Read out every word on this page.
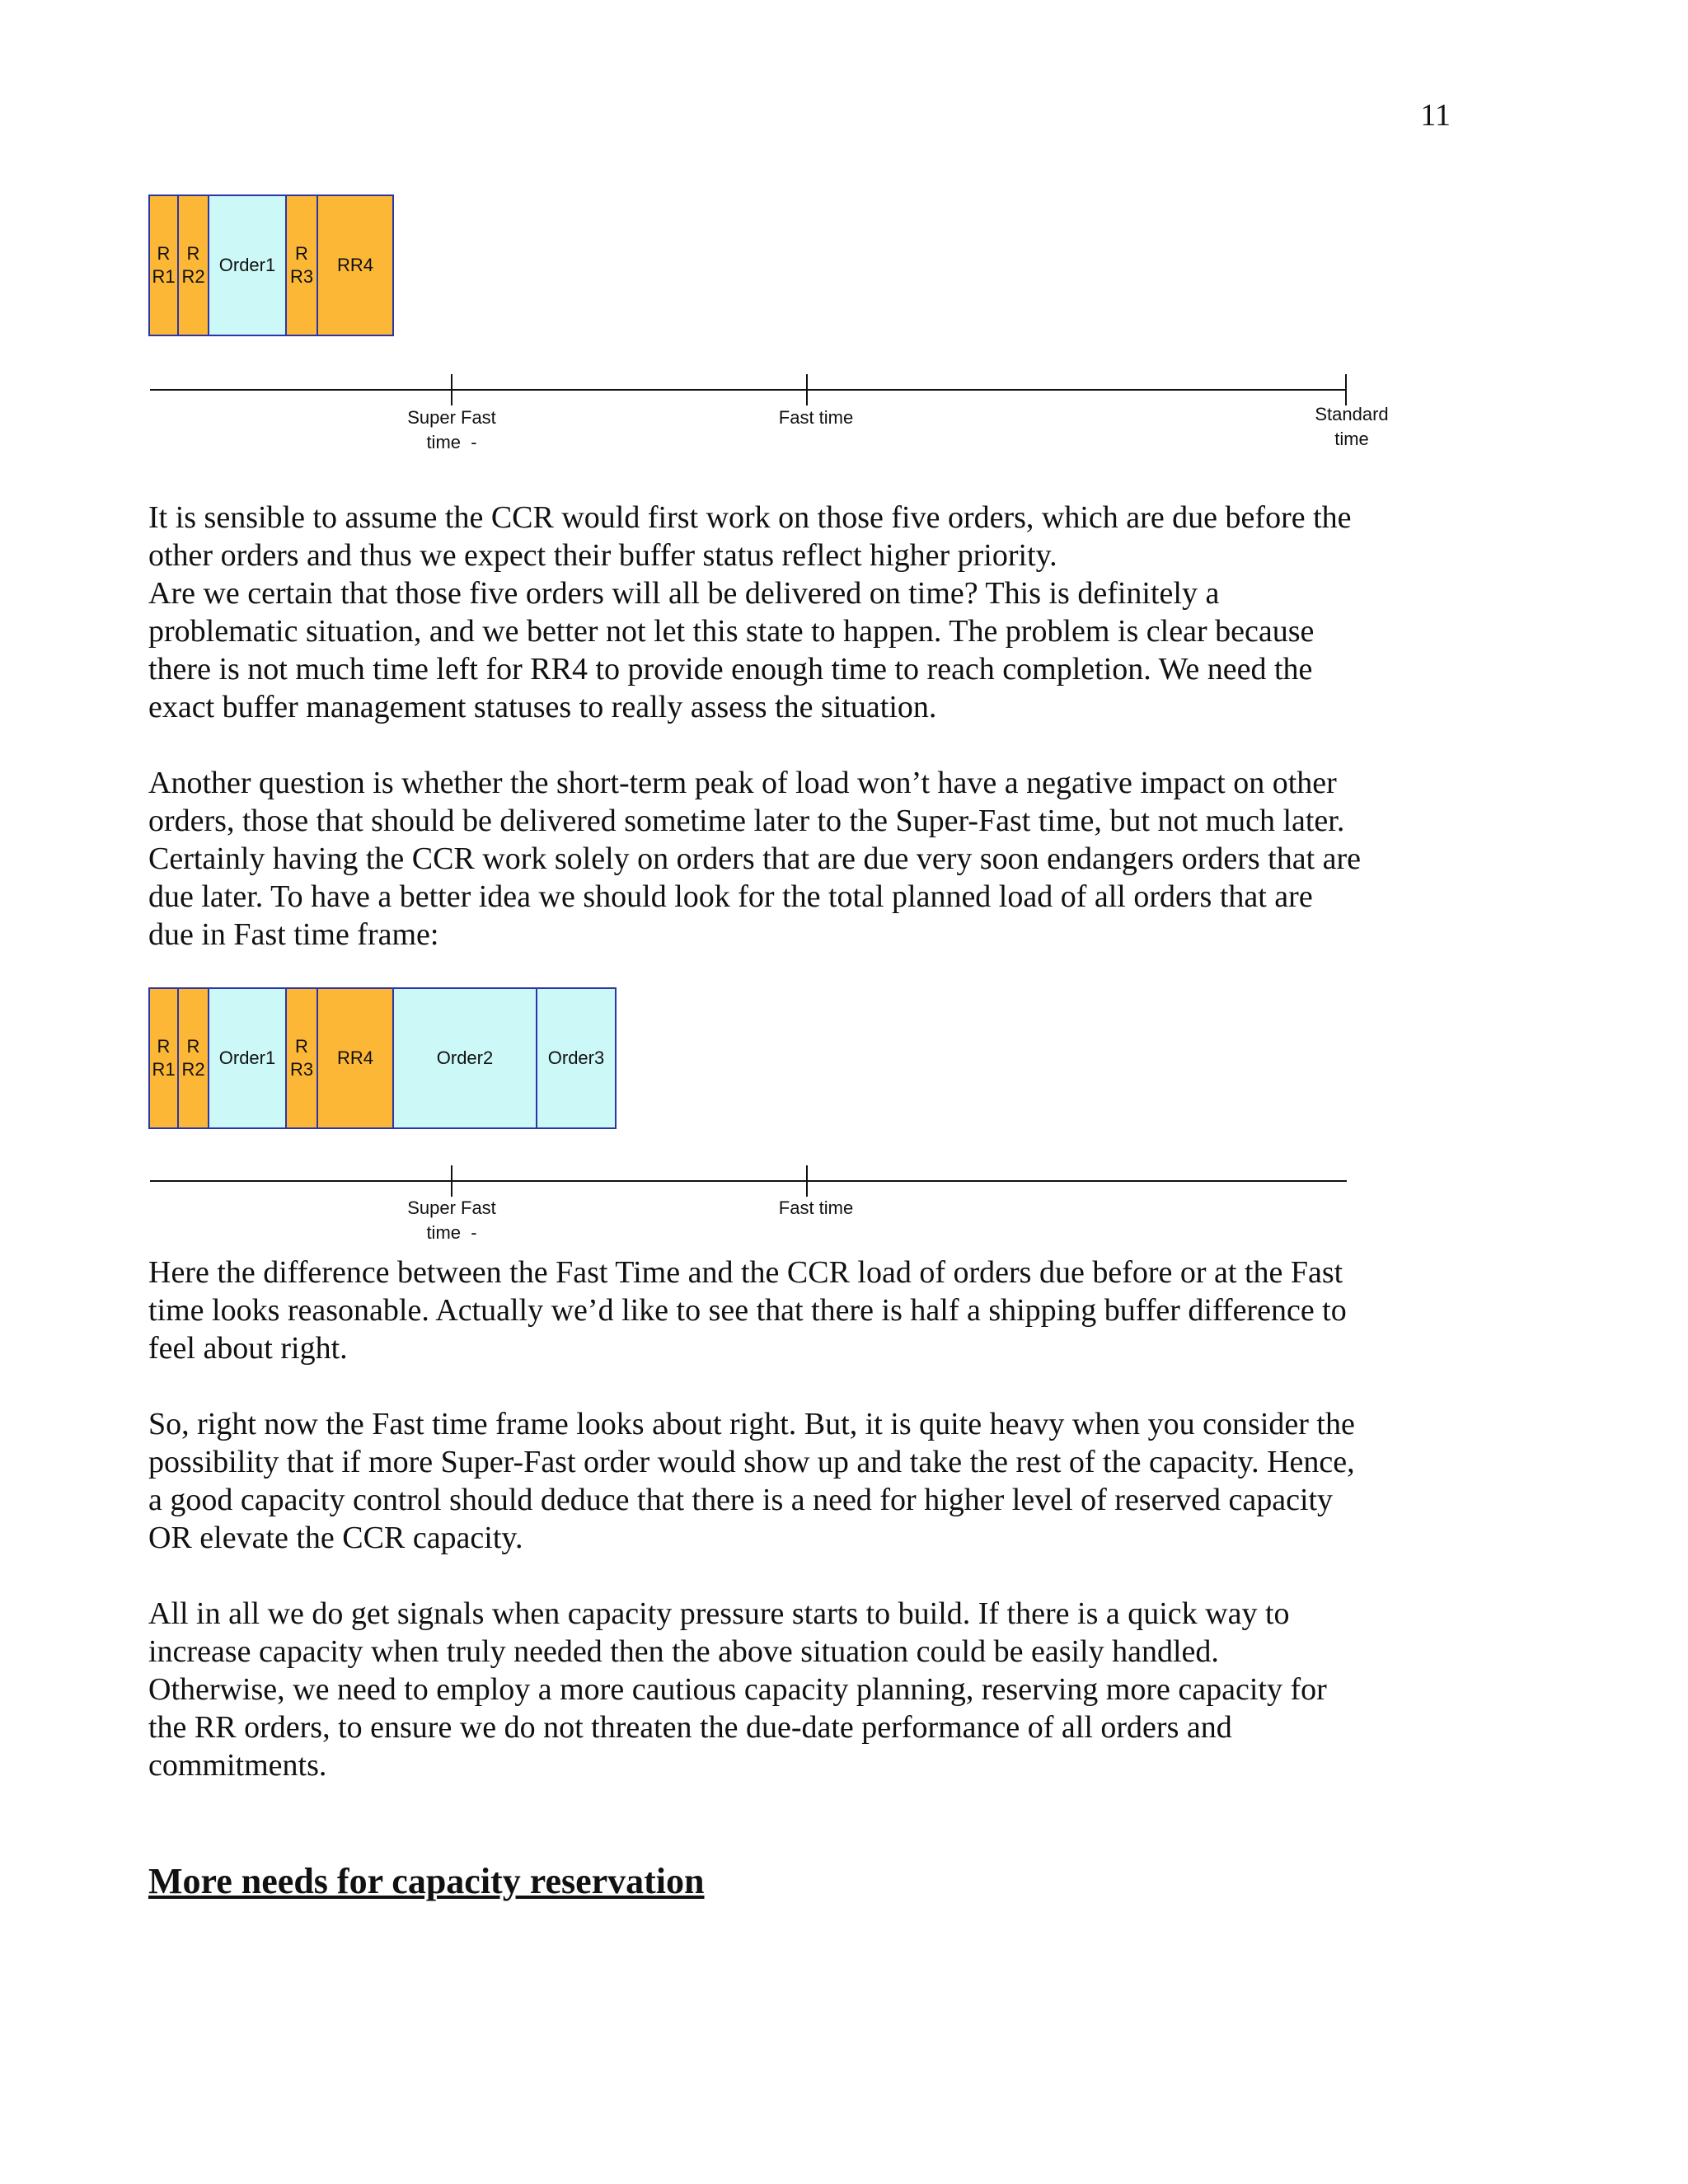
11
R
R1
R
R2
Order1
R
R3
RR4
Super Fast
time  -
Fast time	Standard
time

It is sensible to assume the CCR would first work on those five orders, which are due before the
other orders and thus we expect their buffer status reflect higher priority.
Are we certain that those five orders will all be delivered on time? This is definitely a
problematic situation, and we better not let this state to happen. The problem is clear because
there is not much time left for RR4 to provide enough time to reach completion. We need the
exact buffer management statuses to really assess the situation.

Another question is whether the short-term peak of load won’t have a negative impact on other
orders, those that should be delivered sometime later to the Super-Fast time, but not much later.
Certainly having the CCR work solely on orders that are due very soon endangers orders that are
due later. To have a better idea we should look for the total planned load of all orders that are
due in Fast time frame:

R
R1
R
R2
Order1
R
R3
RR4	Order2	Order3
Super Fast
time  -
Fast time

Here the difference between the Fast Time and the CCR load of orders due before or at the Fast
time looks reasonable. Actually we’d like to see that there is half a shipping buffer difference to
feel about right.

So, right now the Fast time frame looks about right. But, it is quite heavy when you consider the
possibility that if more Super-Fast order would show up and take the rest of the capacity. Hence,
a good capacity control should deduce that there is a need for higher level of reserved capacity
OR elevate the CCR capacity.

All in all we do get signals when capacity pressure starts to build. If there is a quick way to
increase capacity when truly needed then the above situation could be easily handled.
Otherwise, we need to employ a more cautious capacity planning, reserving more capacity for
the RR orders, to ensure we do not threaten the due-date performance of all orders and
commitments.

More needs for capacity reservation
